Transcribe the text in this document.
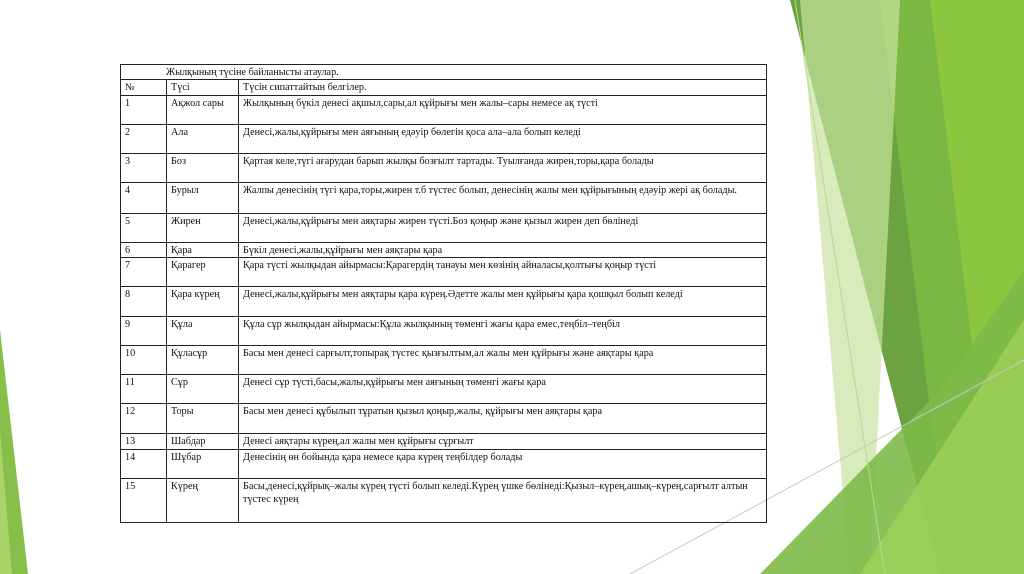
Жылқының түсіне байланысты атаулар.		
№	Түсі	Түсін сипаттайтын белгілер.
1	Ақжол сары	Жылқының бүкіл денесі ақшыл,сары,ал құйрығы мен жалы–сары немесе ақ түсті
2	Ала	Денесі,жалы,құйрығы мен аяғының едәуір бөлегін қоса ала–ала болып келеді
3	Боз	Қартая келе,түгі ағарудан барып жылқы бозғылт тартады. Туылғанда жирен,торы,қара болады
4	Бурыл	Жалпы денесінің түгі қара,торы,жирен т.б түстес болып, денесінің жалы мен құйрығының едәуір жері ақ болады.
5	Жирен	Денесі,жалы,құйрығы мен аяқтары жирен түсті.Боз қоңыр және қызыл жирен деп бөлінеді
6	Қара	Бүкіл денесі,жалы,құйрығы мен аяқтары қара
7	Қарагер	Қара түсті жылқыдан айырмасы:Қарагердің танауы мен көзінің айналасы,қолтығы қоңыр түсті
8	Қара күрең	Денесі,жалы,құйрығы мен аяқтары қара күрең.Әдетте жалы мен құйрығы қара қошқыл болып келеді
9	Құла	Құла сұр жылқыдан айырмасы:Құла жылқының төменгі жағы қара емес,теңбіл–теңбіл
10	Құласұр	Басы мен денесі сарғылт,топырақ түстес қызғылтым,ал жалы мен құйрығы және аяқтары қара
11	Сұр	Денесі сұр түсті,басы,жалы,құйрығы мен аяғының төменгі жағы қара
12	Торы	Басы мен денесі құбылып тұратын қызыл қоңыр,жалы, құйрығы мен аяқтары қара
13	Шабдар	Денесі аяқтары күрең,ал жалы мен құйрығы сұрғылт
14	Шұбар	Денесінің өн бойында қара немесе қара күрең теңбілдер болады
15	Күрең	Басы,денесі,құйрық–жалы күрең түсті болып келеді.Күрең үшке бөлінеді:Қызыл–күрең,ашық–күрең,сарғылт алтын түстес күрең
